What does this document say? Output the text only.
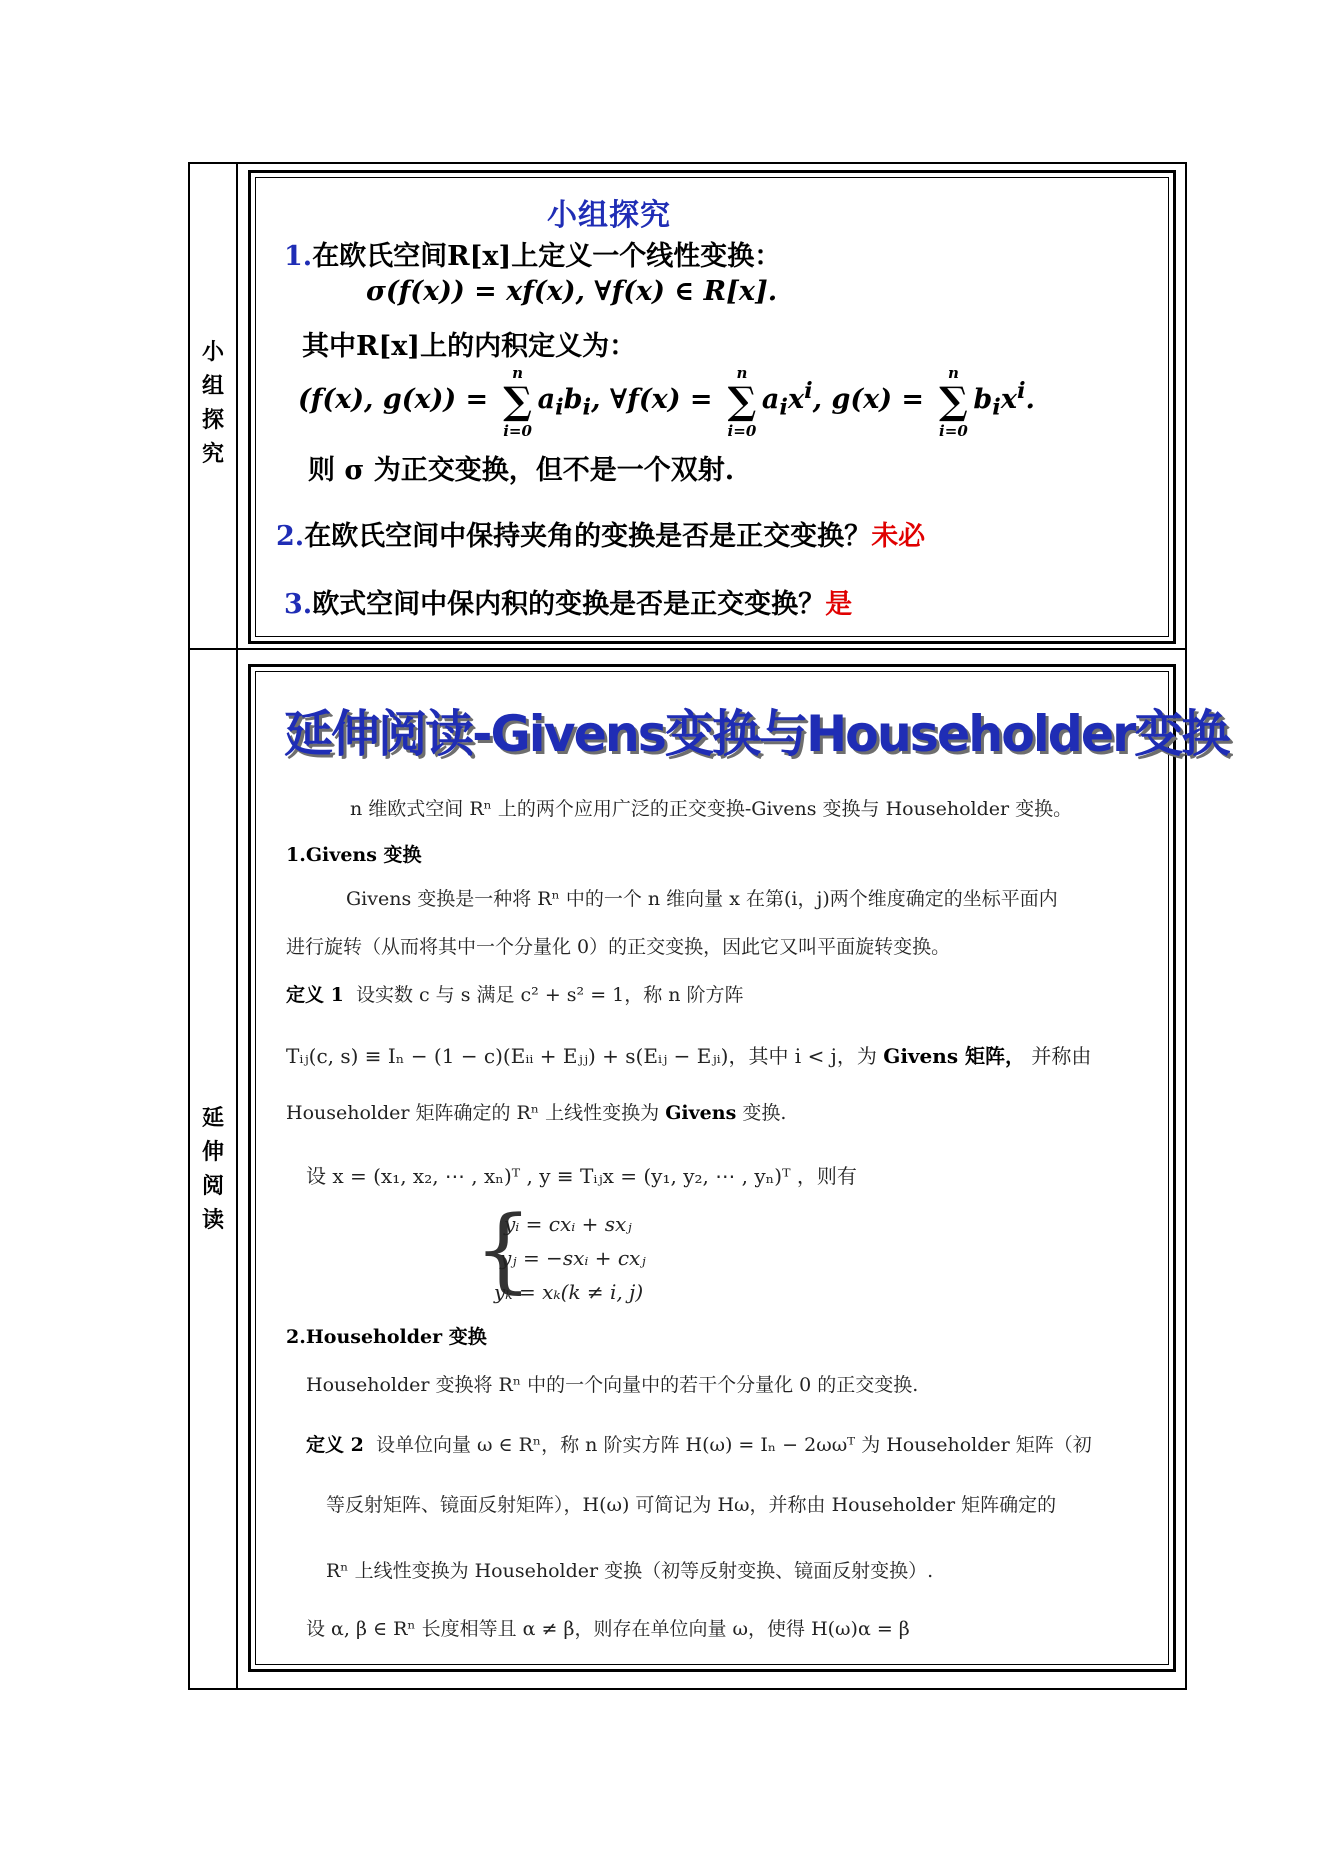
小
组
探
究
延
伸
阅
读
小组探究
1.在欧氏空间R[x]上定义一个线性变换：
σ(f(x)) = xf(x), ∀f(x) ∈ R[x].
其中R[x]上的内积定义为：
(f(x), g(x)) =
n
∑
i=0
$a_ib_i$, ∀f(x) =
n
∑
i=0
$a_ix^i$, g(x) =
n
∑
i=0
$b_ix^i$.
则 σ 为正交变换，但不是一个双射.
2.在欧氏空间中保持夹角的变换是否是正交变换？未必
3.欧式空间中保内积的变换是否是正交变换？是
延伸阅读-Givens变换与Householder变换
n 维欧式空间 Rⁿ 上的两个应用广泛的正交变换-Givens 变换与 Householder 变换。
1.Givens 变换
Givens 变换是一种将 Rⁿ 中的一个 n 维向量 x 在第(i，j)两个维度确定的坐标平面内
进行旋转（从而将其中一个分量化 0）的正交变换，因此它又叫平面旋转变换。
定义 1 设实数 c 与 s 满足 c² + s² = 1，称 n 阶方阵
Tᵢⱼ(c, s) ≡ Iₙ − (1 − c)(Eᵢᵢ + Eⱼⱼ) + s(Eᵢⱼ − Eⱼᵢ)，其中 i < j，为 Givens 矩阵， 并称由
Householder 矩阵确定的 Rⁿ 上线性变换为 Givens 变换.
设 x = (x₁, x₂, ⋯ , xₙ)ᵀ , y ≡ Tᵢⱼx = (y₁, y₂, ⋯ , yₙ)ᵀ ，则有
{
yᵢ = cxᵢ + sxⱼ
yⱼ = −sxᵢ + cxⱼ
yₖ = xₖ(k ≠ i, j)
2.Householder 变换
Householder 变换将 Rⁿ 中的一个向量中的若干个分量化 0 的正交变换.
定义 2 设单位向量 ω ∈ Rⁿ，称 n 阶实方阵 H(ω) = Iₙ − 2ωωᵀ 为 Householder 矩阵（初
等反射矩阵、镜面反射矩阵），H(ω) 可简记为 Hω，并称由 Householder 矩阵确定的
Rⁿ 上线性变换为 Householder 变换（初等反射变换、镜面反射变换）.
设 α, β ∈ Rⁿ 长度相等且 α ≠ β，则存在单位向量 ω，使得 H(ω)α = β
